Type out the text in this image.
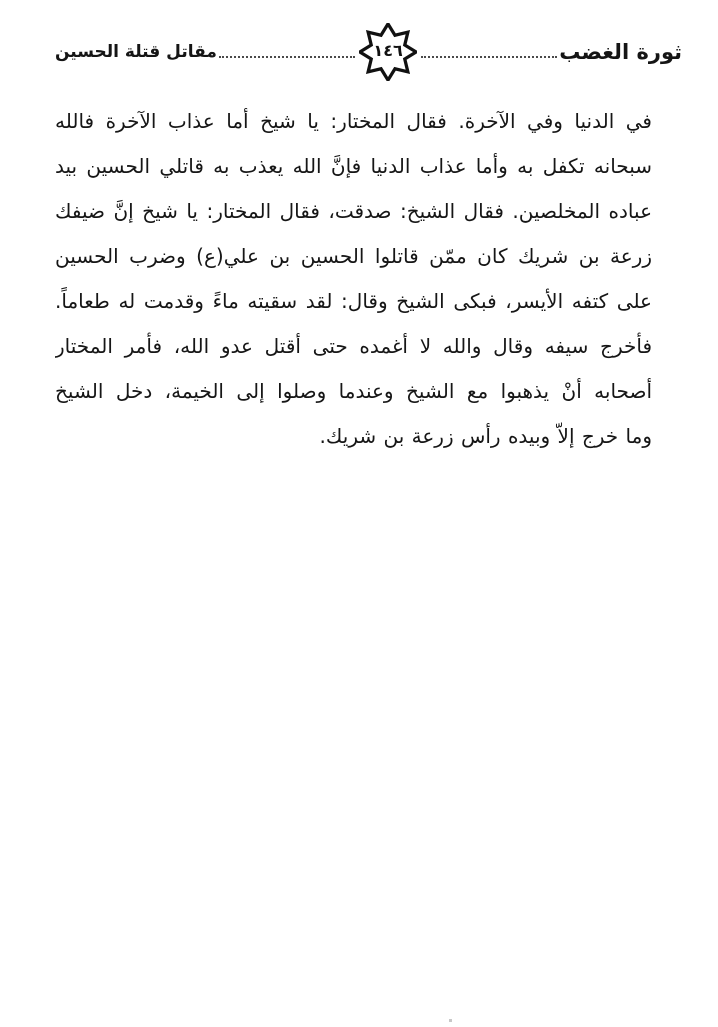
ثورة الغضب
١٤٦
مقاتل قتلة الحسين
في الدنيا وفي الآخرة. فقال المختار: يا شيخ أما عذاب الآخرة فالله
سبحانه تكفل به وأما عذاب الدنيا فإنَّ الله يعذب به قاتلي الحسين بيد
عباده المخلصين. فقال الشيخ: صدقت، فقال المختار: يا شيخ إنَّ ضيفك
زرعة بن شريك كان ممّن قاتلوا الحسين بن علي(ع) وضرب الحسين
على كتفه الأيسر، فبكى الشيخ وقال: لقد سقيته ماءً وقدمت له طعاماً.
فأخرج سيفه وقال والله لا أغمده حتى أقتل عدو الله، فأمر المختار
أصحابه أنْ يذهبوا مع الشيخ وعندما وصلوا إلى الخيمة، دخل الشيخ
وما خرج إلاّ وبيده رأس زرعة بن شريك.
